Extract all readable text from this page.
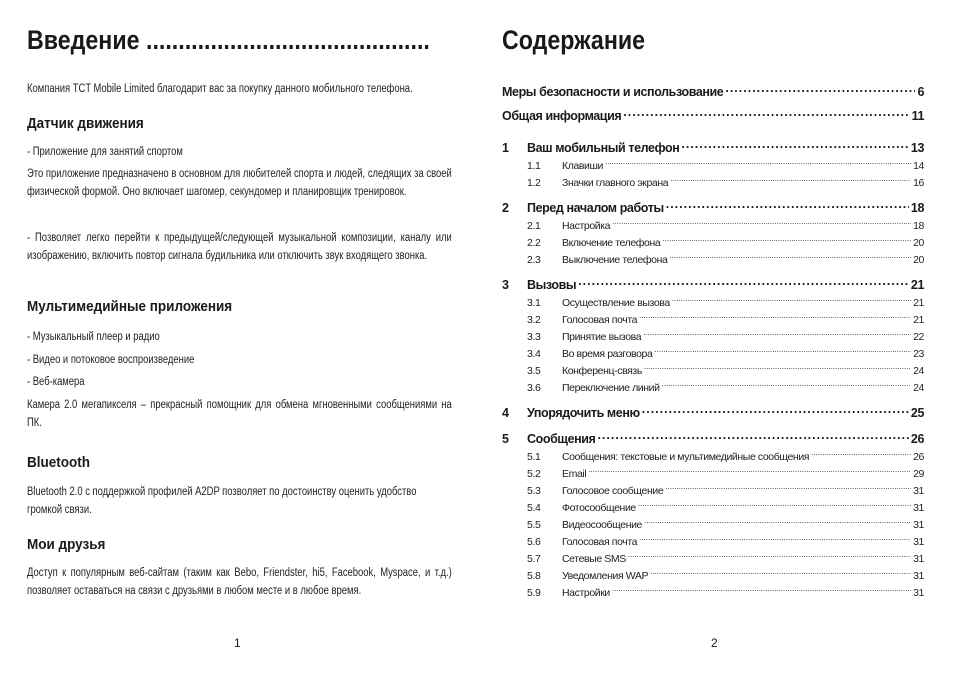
Введение ............................................
Компания TCT Mobile Limited благодарит вас за покупку данного мобильного телефона.
Датчик движения
- Приложение для занятий спортом
Это приложение предназначено в основном для любителей спорта и людей, следящих за своей физической формой. Оно включает шагомер, секундомер и планировщик тренировок.
- Позволяет легко перейти к предыдущей/следующей музыкальной композиции, каналу или изображению, включить повтор сигнала будильника или отключить звук входящего звонка.
Мультимедийные приложения
- Музыкальный плеер и радио
- Видео и потоковое воспроизведение
- Веб-камера
Камера 2.0 мегапикселя – прекрасный помощник для обмена мгновенными сообщениями на ПК.
Bluetooth
Bluetooth 2.0 с поддержкой профилей A2DP позволяет по достоинству оценить удобство громкой связи.
Мои друзья
Доступ к популярным веб-сайтам (таким как Bebo, Friendster, hi5, Facebook, Myspace, и т.д.) позволяет оставаться на связи с друзьями в любом месте и в любое время.
1
Содержание
Меры безопасности и использование .....	6
Общая информация .....	11
1	Ваш мобильный телефон .....	13
1.1	Клавиши .....	14
1.2	Значки главного экрана .....	16
2	Перед началом работы .....	18
2.1	Настройка .....	18
2.2	Включение телефона .....	20
2.3	Выключение телефона .....	20
3	Вызовы .....	21
3.1	Осуществление вызова .....	21
3.2	Голосовая почта .....	21
3.3	Принятие вызова .....	22
3.4	Во время разговора .....	23
3.5	Конференц-связь .....	24
3.6	Переключение линий .....	24
4	Упорядочить меню .....	25
5	Сообщения .....	26
5.1	Сообщения: текстовые и мультимедийные сообщения .....	26
5.2	Email .....	29
5.3	Голосовое сообщение .....	31
5.4	Фотосообщение .....	31
5.5	Видеосообщение .....	31
5.6	Голосовая почта .....	31
5.7	Сетевые SMS .....	31
5.8	Уведомления WAP .....	31
5.9	Настройки .....	31
2
